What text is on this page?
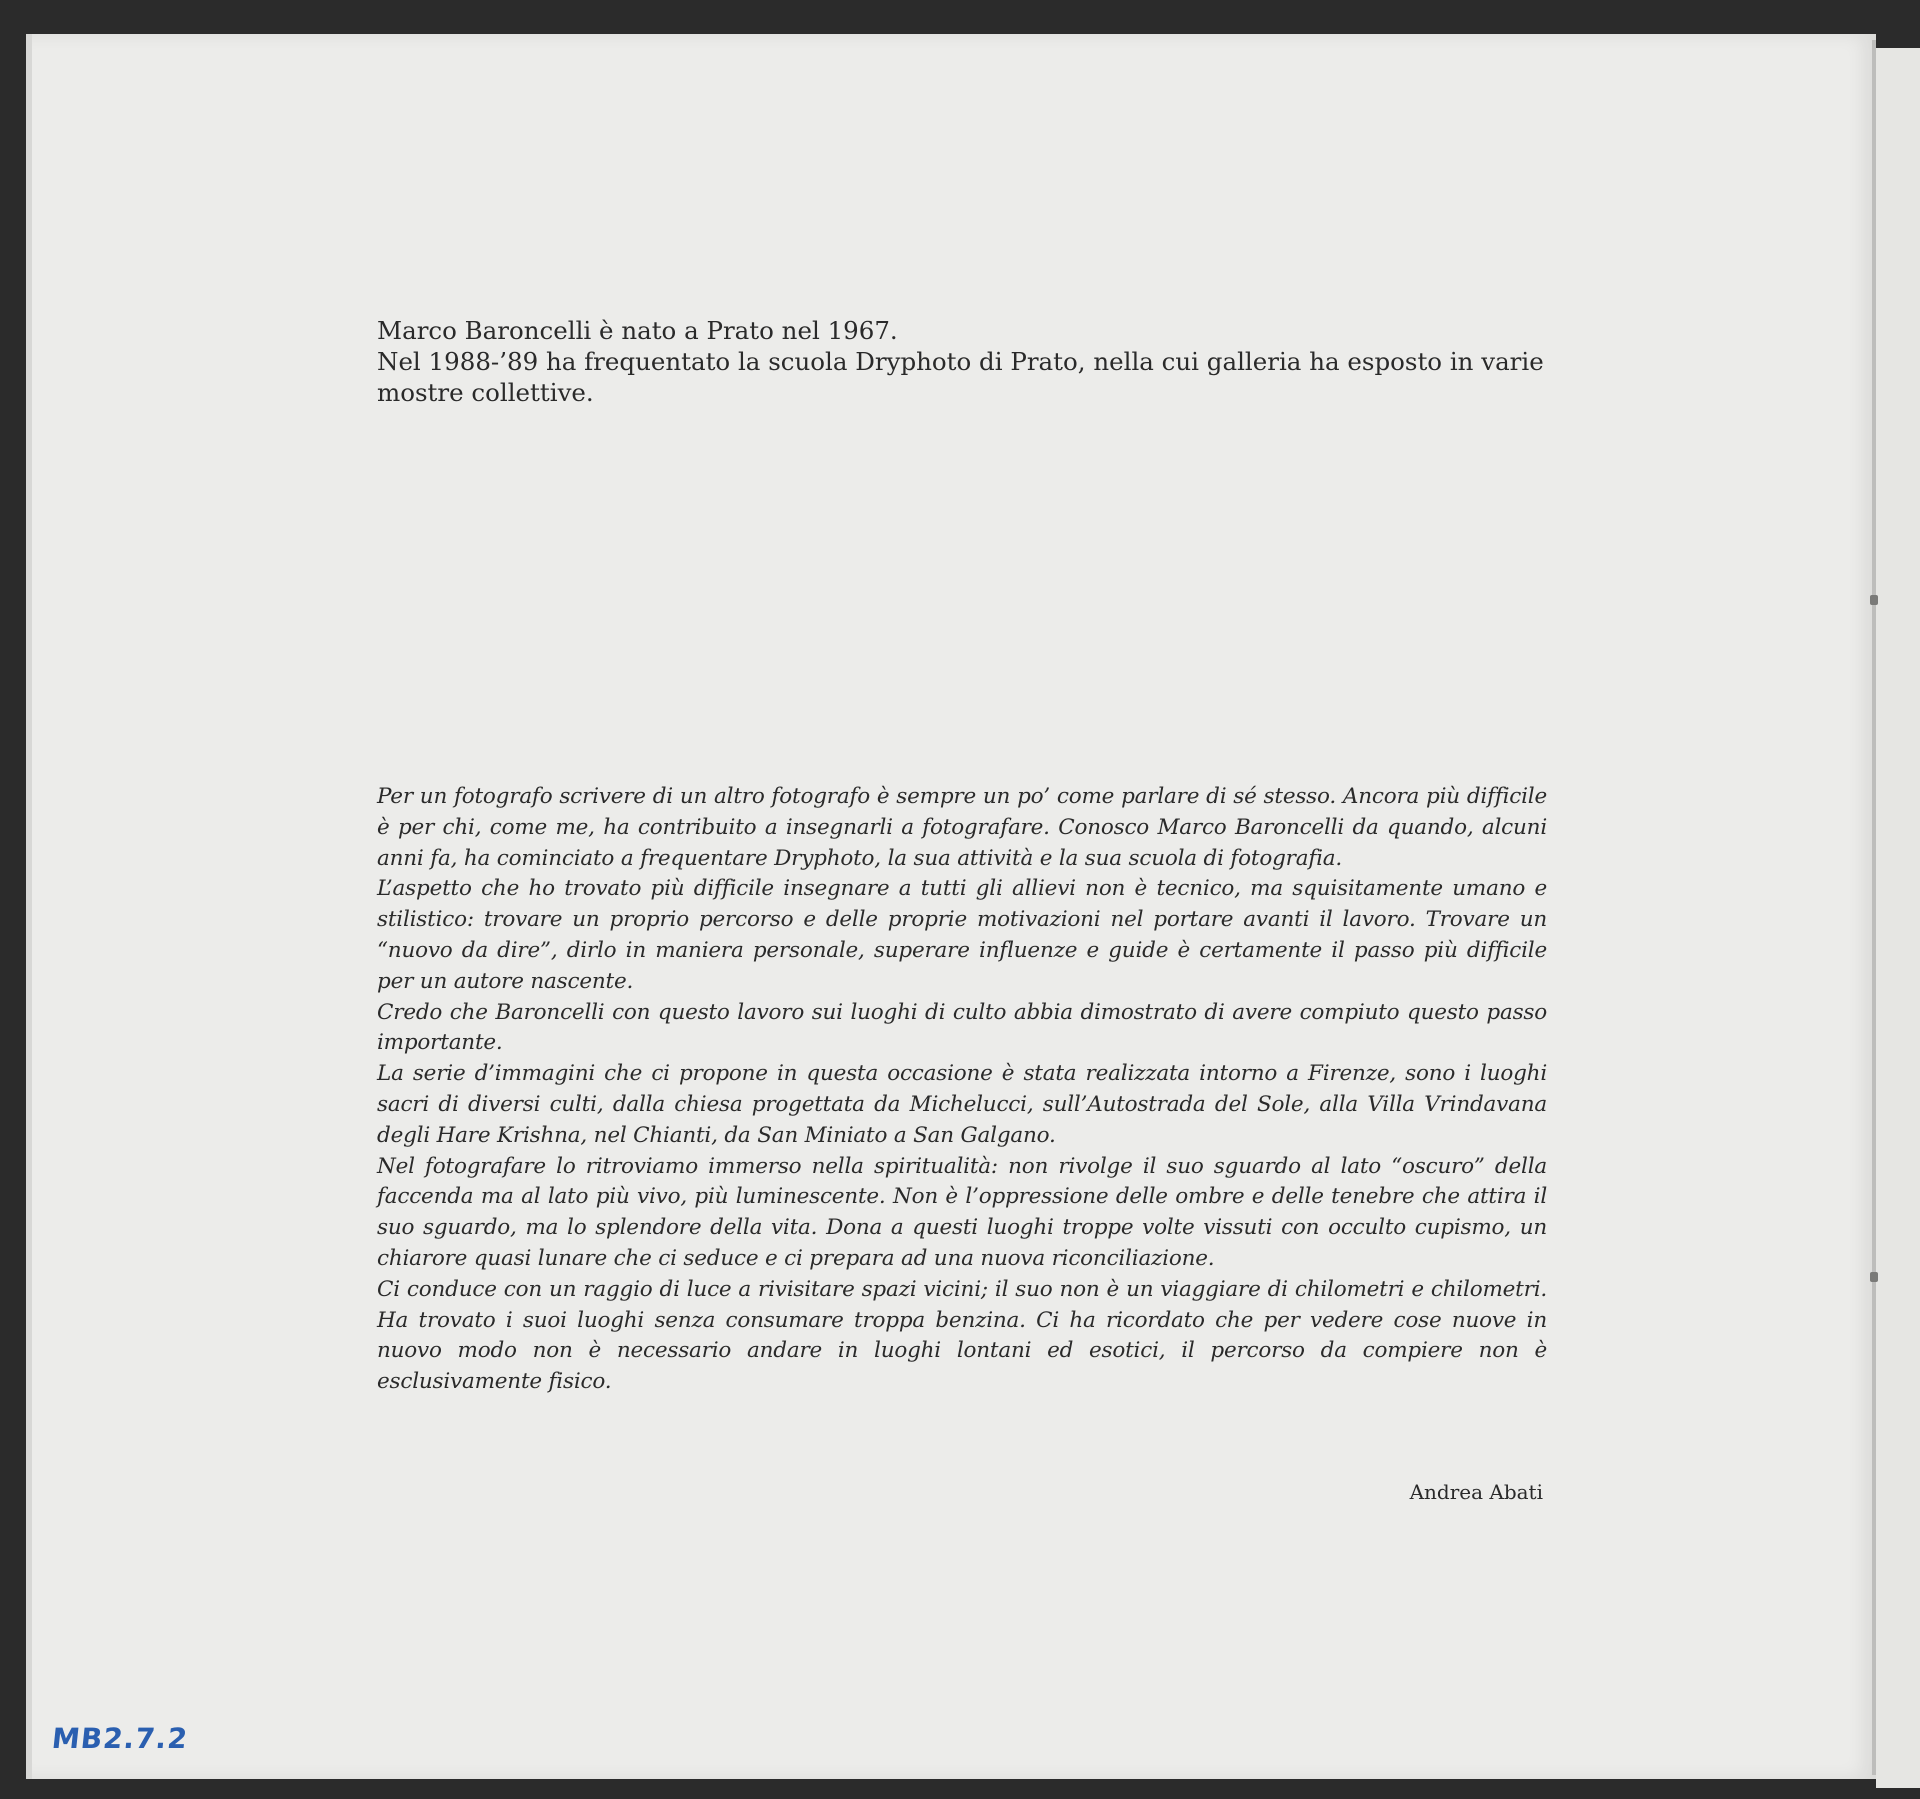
Marco Baroncelli è nato a Prato nel 1967.

Nel 1988-’89 ha frequentato la scuola Dryphoto di Prato, nella cui galleria ha esposto in varie mostre collettive.

Per un fotografo scrivere di un altro fotografo è sempre un po’ come parlare di sé stesso. Ancora più difficile è per chi, come me, ha contribuito a insegnarli a fotografare. Conosco Marco Baroncelli da quando, alcuni anni fa, ha cominciato a frequentare Dryphoto, la sua attività e la sua scuola di fotografia.

L’aspetto che ho trovato più difficile insegnare a tutti gli allievi non è tecnico, ma squisitamente umano e stilistico: trovare un proprio percorso e delle proprie motivazioni nel portare avanti il lavoro. Trovare un “nuovo da dire”, dirlo in maniera personale, superare influenze e guide è certamente il passo più difficile per un autore nascente.

Credo che Baroncelli con questo lavoro sui luoghi di culto abbia dimostrato di avere compiuto questo passo importante.

La serie d’immagini che ci propone in questa occasione è stata realizzata intorno a Firenze, sono i luoghi sacri di diversi culti, dalla chiesa progettata da Michelucci, sull’Autostrada del Sole, alla Villa Vrindavana degli Hare Krishna, nel Chianti, da San Miniato a San Galgano.

Nel fotografare lo ritroviamo immerso nella spiritualità: non rivolge il suo sguardo al lato “oscuro” della faccenda ma al lato più vivo, più luminescente. Non è l’oppressione delle ombre e delle tenebre che attira il suo sguardo, ma lo splendore della vita. Dona a questi luoghi troppe volte vissuti con occulto cupismo, un chiarore quasi lunare che ci seduce e ci prepara ad una nuova riconciliazione.

Ci conduce con un raggio di luce a rivisitare spazi vicini; il suo non è un viaggiare di chilometri e chilometri. Ha trovato i suoi luoghi senza consumare troppa benzina. Ci ha ricordato che per vedere cose nuove in nuovo modo non è necessario andare in luoghi lontani ed esotici, il percorso da compiere non è esclusivamente fisico.

Andrea Abati
MB2.7.2
